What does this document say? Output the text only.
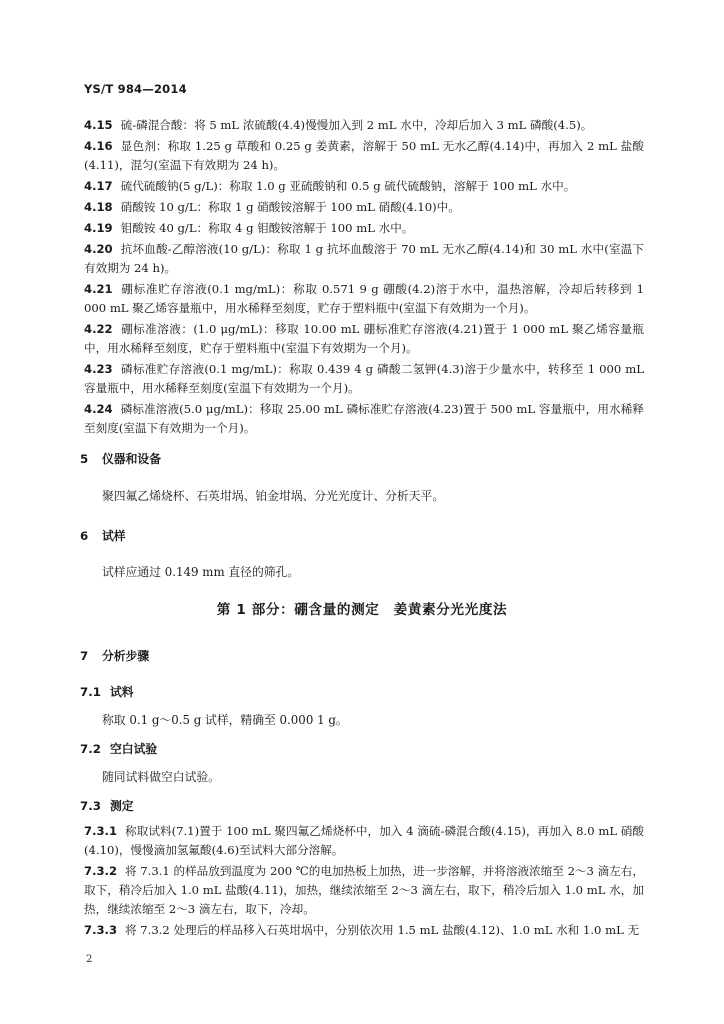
YS/T 984—2014

4.15 硫-磷混合酸：将 5 mL 浓硫酸(4.4)慢慢加入到 2 mL 水中，冷却后加入 3 mL 磷酸(4.5)。

4.16 显色剂：称取 1.25 g 草酸和 0.25 g 姜黄素，溶解于 50 mL 无水乙醇(4.14)中，再加入 2 mL 盐酸(4.11)，混匀(室温下有效期为 24 h)。

4.17 硫代硫酸钠(5 g/L)：称取 1.0 g 亚硫酸钠和 0.5 g 硫代硫酸钠，溶解于 100 mL 水中。

4.18 硝酸铵 10 g/L：称取 1 g 硝酸铵溶解于 100 mL 硝酸(4.10)中。

4.19 钼酸铵 40 g/L：称取 4 g 钼酸铵溶解于 100 mL 水中。

4.20 抗坏血酸-乙醇溶液(10 g/L)：称取 1 g 抗坏血酸溶于 70 mL 无水乙醇(4.14)和 30 mL 水中(室温下有效期为 24 h)。

4.21 硼标准贮存溶液(0.1 mg/mL)：称取 0.571 9 g 硼酸(4.2)溶于水中，温热溶解，冷却后转移到 1 000 mL 聚乙烯容量瓶中，用水稀释至刻度，贮存于塑料瓶中(室温下有效期为一个月)。

4.22 硼标准溶液：(1.0 μg/mL)：移取 10.00 mL 硼标准贮存溶液(4.21)置于 1 000 mL 聚乙烯容量瓶中，用水稀释至刻度，贮存于塑料瓶中(室温下有效期为一个月)。

4.23 磷标准贮存溶液(0.1 mg/mL)：称取 0.439 4 g 磷酸二氢钾(4.3)溶于少量水中，转移至 1 000 mL 容量瓶中，用水稀释至刻度(室温下有效期为一个月)。

4.24 磷标准溶液(5.0 μg/mL)：移取 25.00 mL 磷标准贮存溶液(4.23)置于 500 mL 容量瓶中，用水稀释至刻度(室温下有效期为一个月)。

5 仪器和设备
聚四氟乙烯烧杯、石英坩埚、铂金坩埚、分光光度计、分析天平。
6 试样
试样应通过 0.149 mm 直径的筛孔。
第 1 部分：硼含量的测定　姜黄素分光光度法
7 分析步骤
7.1 试料
称取 0.1 g～0.5 g 试样，精确至 0.000 1 g。
7.2 空白试验
随同试料做空白试验。
7.3 测定

7.3.1 称取试料(7.1)置于 100 mL 聚四氟乙烯烧杯中，加入 4 滴硫-磷混合酸(4.15)，再加入 8.0 mL 硝酸(4.10)，慢慢滴加氢氟酸(4.6)至试料大部分溶解。

7.3.2 将 7.3.1 的样品放到温度为 200 ℃的电加热板上加热，进一步溶解，并将溶液浓缩至 2～3 滴左右，取下，稍冷后加入 1.0 mL 盐酸(4.11)，加热，继续浓缩至 2～3 滴左右，取下，稍冷后加入 1.0 mL 水，加热，继续浓缩至 2～3 滴左右，取下，冷却。

7.3.3 将 7.3.2 处理后的样品移入石英坩埚中，分别依次用 1.5 mL 盐酸(4.12)、1.0 mL 水和 1.0 mL 无

2
